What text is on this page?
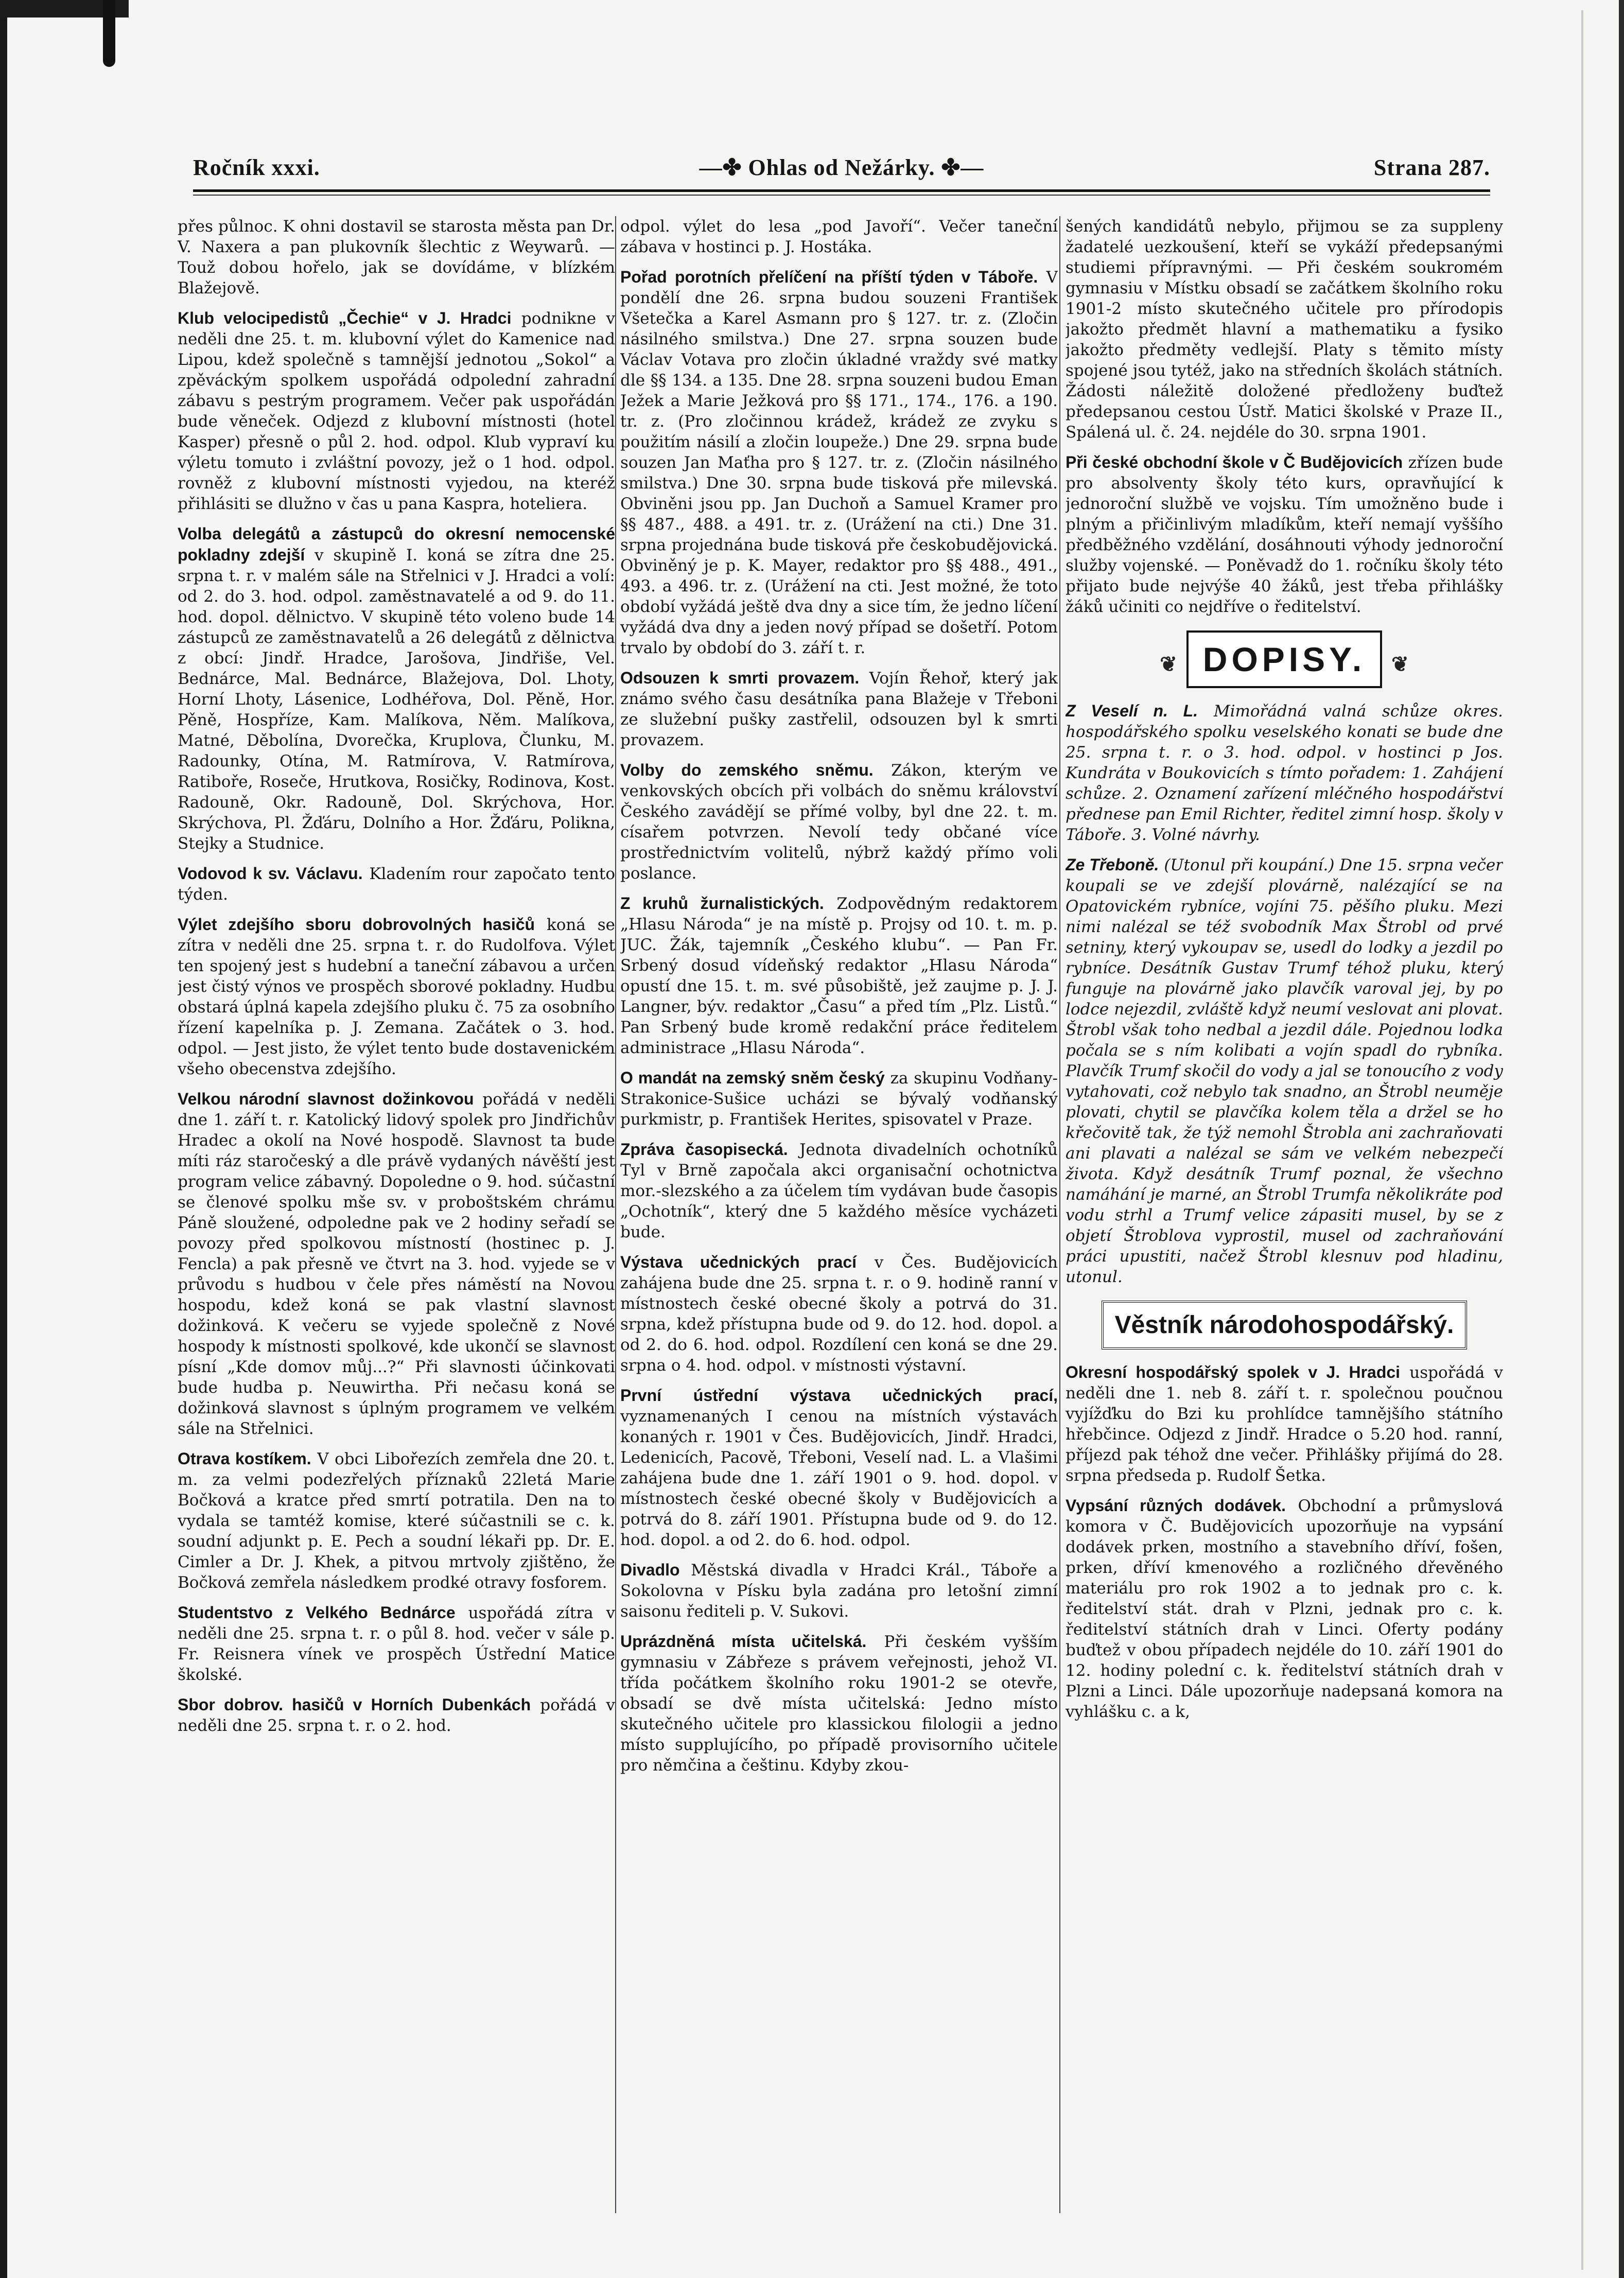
Ročník xxxi.	—✤ Ohlas od Nežárky. ✤—	Strana 287.

přes půlnoc. K ohni dostavil se starosta města pan Dr. V. Naxera a pan plukovník šlechtic z Weywarů. — Touž dobou hořelo, jak se dovídáme, v blízkém Blažejově.

Klub velocipedistů „Čechie“ v J. Hradci podnikne v neděli dne 25. t. m. klubovní výlet do Kamenice nad Lipou, kdež společně s tamnější jednotou „Sokol“ a zpěváckým spolkem uspořádá odpolední zahradní zábavu s pestrým programem. Večer pak uspořádán bude věneček. Odjezd z klubovní místnosti (hotel Kasper) přesně o půl 2. hod. odpol. Klub vypraví ku výletu tomuto i zvláštní povozy, jež o 1 hod. odpol. rovněž z klubovní místnosti vyjedou, na kteréž přihlásiti se dlužno v čas u pana Kaspra, hoteliera.

Volba delegátů a zástupců do okresní nemocenské pokladny zdejší v skupině I. koná se zítra dne 25. srpna t. r. v malém sále na Střelnici v J. Hradci a volí: od 2. do 3. hod. odpol. zaměstnavatelé a od 9. do 11. hod. dopol. dělnictvo. V skupině této voleno bude 14 zástupců ze zaměstnavatelů a 26 delegátů z dělnictva z obcí: Jindř. Hradce, Jarošova, Jindřiše, Vel. Bednárce, Mal. Bednárce, Blažejova, Dol. Lhoty, Horní Lhoty, Lásenice, Lodhéřova, Dol. Pěně, Hor. Pěně, Hospříze, Kam. Malíkova, Něm. Malíkova, Matné, Děbolína, Dvorečka, Kruplova, Člunku, M. Radounky, Otína, M. Ratmírova, V. Ratmírova, Ratiboře, Roseče, Hrutkova, Rosičky, Rodinova, Kost. Radouně, Okr. Radouně, Dol. Skrýchova, Hor. Skrýchova, Pl. Žďáru, Dolního a Hor. Žďáru, Polikna, Stejky a Studnice.

Vodovod k sv. Václavu. Kladením rour započato tento týden.

Výlet zdejšího sboru dobrovolných hasičů koná se zítra v neděli dne 25. srpna t. r. do Rudolfova. Výlet ten spojený jest s hudební a taneční zábavou a určen jest čistý výnos ve prospěch sborové pokladny. Hudbu obstará úplná kapela zdejšího pluku č. 75 za osobního řízení kapelníka p. J. Zemana. Začátek o 3. hod. odpol. — Jest jisto, že výlet tento bude dostavenickém všeho obecenstva zdejšího.

Velkou národní slavnost dožinkovou pořádá v neděli dne 1. září t. r. Katolický lidový spolek pro Jindřichův Hradec a okolí na Nové hospodě. Slavnost ta bude míti ráz staročeský a dle právě vydaných návěští jest program velice zábavný. Dopoledne o 9. hod. súčastní se členové spolku mše sv. v proboštském chrámu Páně sloužené, odpoledne pak ve 2 hodiny seřadí se povozy před spolkovou místností (hostinec p. J. Fencla) a pak přesně ve čtvrt na 3. hod. vyjede se v průvodu s hudbou v čele přes náměstí na Novou hospodu, kdež koná se pak vlastní slavnost dožinková. K večeru se vyjede společně z Nové hospody k místnosti spolkové, kde ukončí se slavnost písní „Kde domov můj...?“ Při slavnosti účinkovati bude hudba p. Neuwirtha. Při nečasu koná se dožinková slavnost s úplným programem ve velkém sále na Střelnici.

Otrava kostíkem. V obci Libořezích zemřela dne 20. t. m. za velmi podezřelých příznaků 22letá Marie Bočková a kratce před smrtí potratila. Den na to vydala se tamtéž komise, které súčastnili se c. k. soudní adjunkt p. E. Pech a soudní lékaři pp. Dr. E. Cimler a Dr. J. Khek, a pitvou mrtvoly zjištěno, že Bočková zemřela následkem prodké otravy fosforem.

Studentstvo z Velkého Bednárce uspořádá zítra v neděli dne 25. srpna t. r. o půl 8. hod. večer v sále p. Fr. Reisnera vínek ve prospěch Ústřední Matice školské.

Sbor dobrov. hasičů v Horních Dubenkách pořádá v neděli dne 25. srpna t. r. o 2. hod.

odpol. výlet do lesa „pod Javoří“. Večer taneční zábava v hostinci p. J. Hostáka.

Pořad porotních přelíčení na příští týden v Táboře. V pondělí dne 26. srpna budou souzeni František Všetečka a Karel Asmann pro § 127. tr. z. (Zločin násilného smilstva.) Dne 27. srpna souzen bude Václav Votava pro zločin úkladné vraždy své matky dle §§ 134. a 135. Dne 28. srpna souzeni budou Eman Ježek a Marie Ježková pro §§ 171., 174., 176. a 190. tr. z. (Pro zločinnou krádež, krádež ze zvyku s použitím násilí a zločin loupeže.) Dne 29. srpna bude souzen Jan Maťha pro § 127. tr. z. (Zločin násilného smilstva.) Dne 30. srpna bude tisková pře milevská. Obviněni jsou pp. Jan Duchoň a Samuel Kramer pro §§ 487., 488. a 491. tr. z. (Urážení na cti.) Dne 31. srpna projednána bude tisková pře českobudějovická. Obviněný je p. K. Mayer, redaktor pro §§ 488., 491., 493. a 496. tr. z. (Urážení na cti. Jest možné, že toto období vyžádá ještě dva dny a sice tím, že jedno líčení vyžádá dva dny a jeden nový případ se došetří. Potom trvalo by období do 3. září t. r.

Odsouzen k smrti provazem. Vojín Řehoř, který jak známo svého času desátníka pana Blažeje v Třeboni ze služební pušky zastřelil, odsouzen byl k smrti provazem.

Volby do zemského sněmu. Zákon, kterým ve venkovských obcích při volbách do sněmu království Českého zavádějí se přímé volby, byl dne 22. t. m. císařem potvrzen. Nevolí tedy občané více prostřednictvím volitelů, nýbrž každý přímo voli poslance.

Z kruhů žurnalistických. Zodpovědným redaktorem „Hlasu Národa“ je na místě p. Projsy od 10. t. m. p. JUC. Žák, tajemník „Českého klubu“. — Pan Fr. Srbený dosud vídeňský redaktor „Hlasu Národa“ opustí dne 15. t. m. své působiště, jež zaujme p. J. J. Langner, býv. redaktor „Času“ a před tím „Plz. Listů.“ Pan Srbený bude kromě redakční práce ředitelem administrace „Hlasu Národa“.

O mandát na zemský sněm český za skupinu Vodňany-Strakonice-Sušice ucházi se bývalý vodňanský purkmistr, p. František Herites, spisovatel v Praze.

Zpráva časopisecká. Jednota divadelních ochotníků Tyl v Brně započala akci organisační ochotnictva mor.-slezského a za účelem tím vydávan bude časopis „Ochotník“, který dne 5 každého měsíce vycházeti bude.

Výstava učednických prací v Čes. Budějovicích zahájena bude dne 25. srpna t. r. o 9. hodině ranní v místnostech české obecné školy a potrvá do 31. srpna, kdež přístupna bude od 9. do 12. hod. dopol. a od 2. do 6. hod. odpol. Rozdílení cen koná se dne 29. srpna o 4. hod. odpol. v místnosti výstavní.

První ústřední výstava učednických prací, vyznamenaných I cenou na místních výstavách konaných r. 1901 v Čes. Budějovicích, Jindř. Hradci, Ledenicích, Pacově, Třeboni, Veselí nad. L. a Vlašimi zahájena bude dne 1. září 1901 o 9. hod. dopol. v místnostech české obecné školy v Budějovicích a potrvá do 8. září 1901. Přístupna bude od 9. do 12. hod. dopol. a od 2. do 6. hod. odpol.

Divadlo Městská divadla v Hradci Král., Táboře a Sokolovna v Písku byla zadána pro letošní zimní saisonu řediteli p. V. Sukovi.

Uprázdněná místa učitelská. Při českém vyšším gymnasiu v Zábřeze s právem veřejnosti, jehož VI. třída počátkem školního roku 1901-2 se otevře, obsadí se dvě místa učitelská: Jedno místo skutečného učitele pro klassickou filologii a jedno místo supplujícího, po případě provisorního učitele pro němčina a češtinu. Kdyby zkou-

šených kandidátů nebylo, přijmou se za suppleny žadatelé uezkoušení, kteří se vykáží předepsanými studiemi přípravnými. — Při českém soukromém gymnasiu v Místku obsadí se začátkem školního roku 1901-2 místo skutečného učitele pro přírodopis jakožto předmět hlavní a mathematiku a fysiko jakožto předměty vedlejší. Platy s těmito místy spojené jsou tytéž, jako na středních školách státních. Žádosti náležitě doložené předloženy buďtež předepsanou cestou Ústř. Matici školské v Praze II., Spálená ul. č. 24. nejdéle do 30. srpna 1901.

Při české obchodní škole v Č Budějovicích zřízen bude pro absolventy školy této kurs, opravňující k jednoroční službě ve vojsku. Tím umožněno bude i plným a přičinlivým mladíkům, kteří nemají vyššího předběžného vzdělání, dosáhnouti výhody jednoroční služby vojenské. — Poněvadž do 1. ročníku školy této přijato bude nejvýše 40 žáků, jest třeba přihlášky žáků učiniti co nejdříve o ředitelství.

❦ DOPISY. ❦

Z Veselí n. L. Mimořádná valná schůze okres. hospodářského spolku veselského konati se bude dne 25. srpna t. r. o 3. hod. odpol. v hostinci p Jos. Kundráta v Boukovicích s tímto pořadem: 1. Zahájení schůze. 2. Oznamení zařízení mléčného hospodářství přednese pan Emil Richter, ředitel zimní hosp. školy v Táboře. 3. Volné návrhy.

Ze Třeboně. (Utonul při koupání.) Dne 15. srpna večer koupali se ve zdejší plovárně, nalézající se na Opatovickém rybníce, vojíni 75. pěšího pluku. Mezi nimi nalézal se též svobodník Max Štrobl od prvé setniny, který vykoupav se, usedl do lodky a jezdil po rybníce. Desátník Gustav Trumf téhož pluku, který funguje na plovárně jako plavčík varoval jej, by po lodce nejezdil, zvláště když neumí veslovat ani plovat. Štrobl však toho nedbal a jezdil dále. Pojednou lodka počala se s ním kolibati a vojín spadl do rybníka. Plavčík Trumf skočil do vody a jal se tonoucího z vody vytahovati, což nebylo tak snadno, an Štrobl neuměje plovati, chytil se plavčíka kolem těla a držel se ho křečovitě tak, že týž nemohl Štrobla ani zachraňovati ani plavati a nalézal se sám ve velkém nebezpečí života. Když desátník Trumf poznal, že všechno namáhání je marné, an Štrobl Trumfa několikráte pod vodu strhl a Trumf velice zápasiti musel, by se z objetí Štroblova vyprostil, musel od zachraňování práci upustiti, načež Štrobl klesnuv pod hladinu, utonul.

Věstník národohospodářský.

Okresní hospodářský spolek v J. Hradci uspořádá v neděli dne 1. neb 8. září t. r. společnou poučnou vyjížďku do Bzi ku prohlídce tamnějšího státního hřebčince. Odjezd z Jindř. Hradce o 5.20 hod. ranní, příjezd pak téhož dne večer. Přihlášky přijímá do 28. srpna předseda p. Rudolf Šetka.

Vypsání různých dodávek. Obchodní a průmyslová komora v Č. Budějovicích upozorňuje na vypsání dodávek prken, mostního a stavebního dříví, fošen, prken, dříví kmenového a rozličného dřevěného materiálu pro rok 1902 a to jednak pro c. k. ředitelství stát. drah v Plzni, jednak pro c. k. ředitelství státních drah v Linci. Oferty podány buďtež v obou případech nejdéle do 10. září 1901 do 12. hodiny polední c. k. ředitelství státních drah v Plzni a Linci. Dále upozorňuje nadepsaná komora na vyhlášku c. a k,
